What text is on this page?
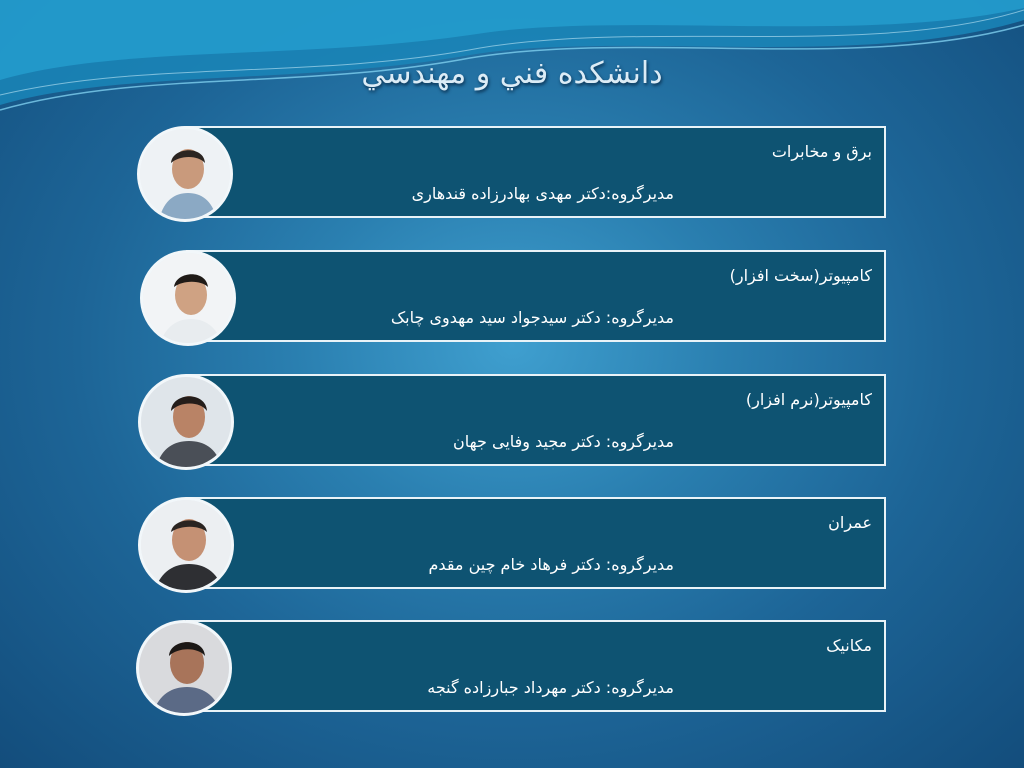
دانشکده فني و مهندسي
برق و مخابرات
مدیرگروه:دکتر مهدی بهادرزاده قندهاری
کامپیوتر(سخت افزار)
مدیرگروه: دکتر سیدجواد سید مهدوی چابک
کامپیوتر(نرم افزار)
مدیرگروه: دکتر مجید وفایی جهان
عمران
مدیرگروه: دکتر فرهاد خام چین مقدم
مکانیک
مدیرگروه: دکتر مهرداد جبارزاده گنجه
